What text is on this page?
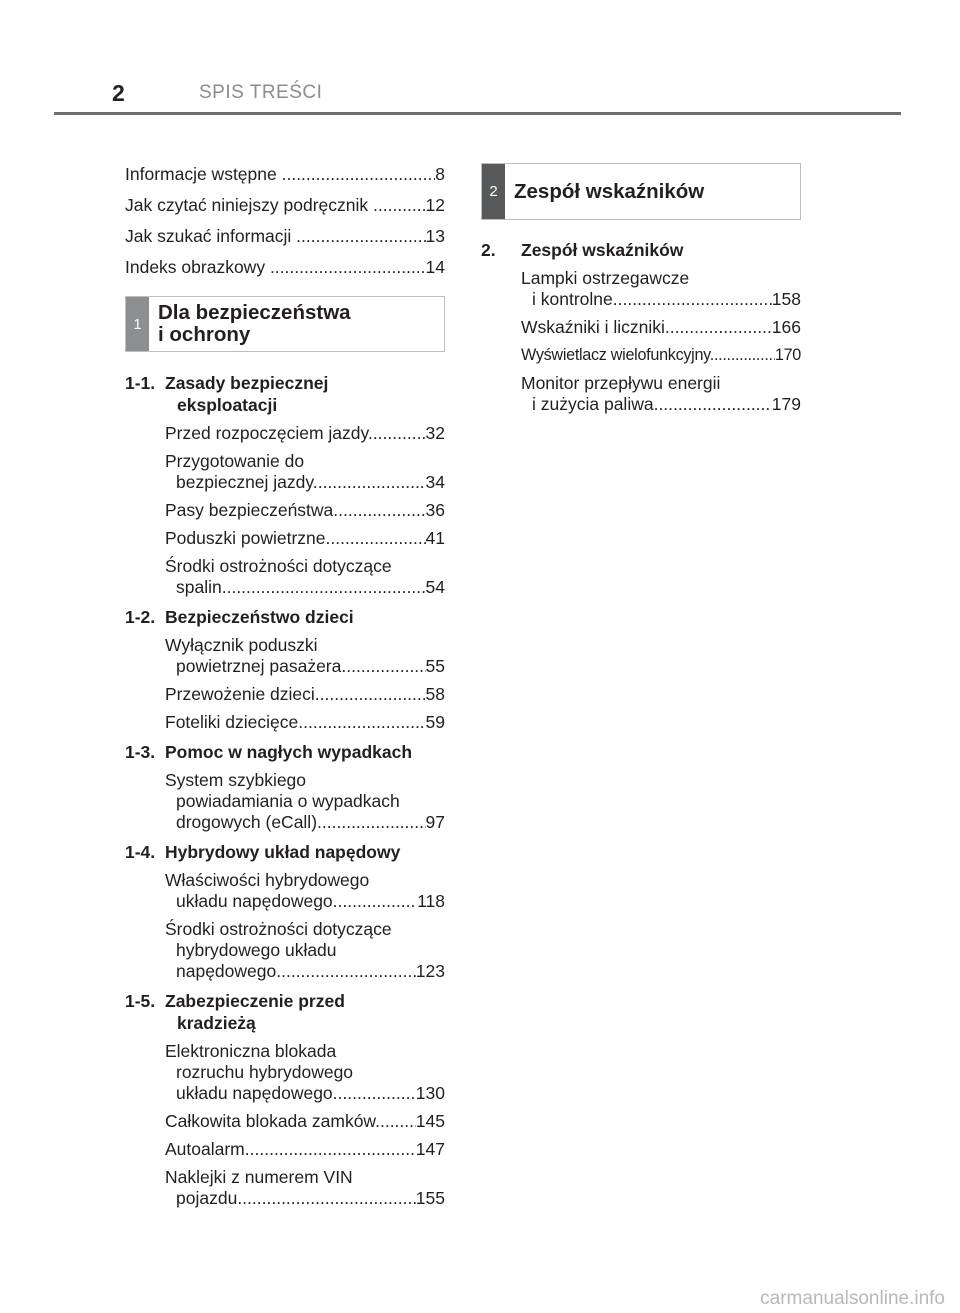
2	SPIS TREŚCI
Informacje wstępne .....	8
Jak czytać niniejszy podręcznik .....	12
Jak szukać informacji .....	13
Indeks obrazkowy .....	14
1 Dla bezpieczeństwa
i ochrony
1-1. Zasady bezpiecznej
eksploatacji
Przed rozpoczęciem jazdy .....	32
Przygotowanie do
bezpiecznej jazdy .....	34
Pasy bezpieczeństwa .....	36
Poduszki powietrzne .....	41
Środki ostrożności dotyczące
spalin .....	54
1-2. Bezpieczeństwo dzieci
Wyłącznik poduszki
powietrznej pasażera .....	55
Przewożenie dzieci .....	58
Foteliki dziecięce .....	59
1-3. Pomoc w nagłych wypadkach
System szybkiego
powiadamiania o wypadkach
drogowych (eCall) .....	97
1-4. Hybrydowy układ napędowy
Właściwości hybrydowego
układu napędowego .....	118
Środki ostrożności dotyczące
hybrydowego układu
napędowego .....	123
1-5. Zabezpieczenie przed
kradzieżą
Elektroniczna blokada
rozruchu hybrydowego
układu napędowego .....	130
Całkowita blokada zamków .....	145
Autoalarm .....	147
Naklejki z numerem VIN
pojazdu .....	155
2 Zespół wskaźników
2.	Zespół wskaźników
Lampki ostrzegawcze
i kontrolne .....	158
Wskaźniki i liczniki .....	166
Wyświetlacz wielofunkcyjny .....	170
Monitor przepływu energii
i zużycia paliwa .....	179
carmanualsonline.info
